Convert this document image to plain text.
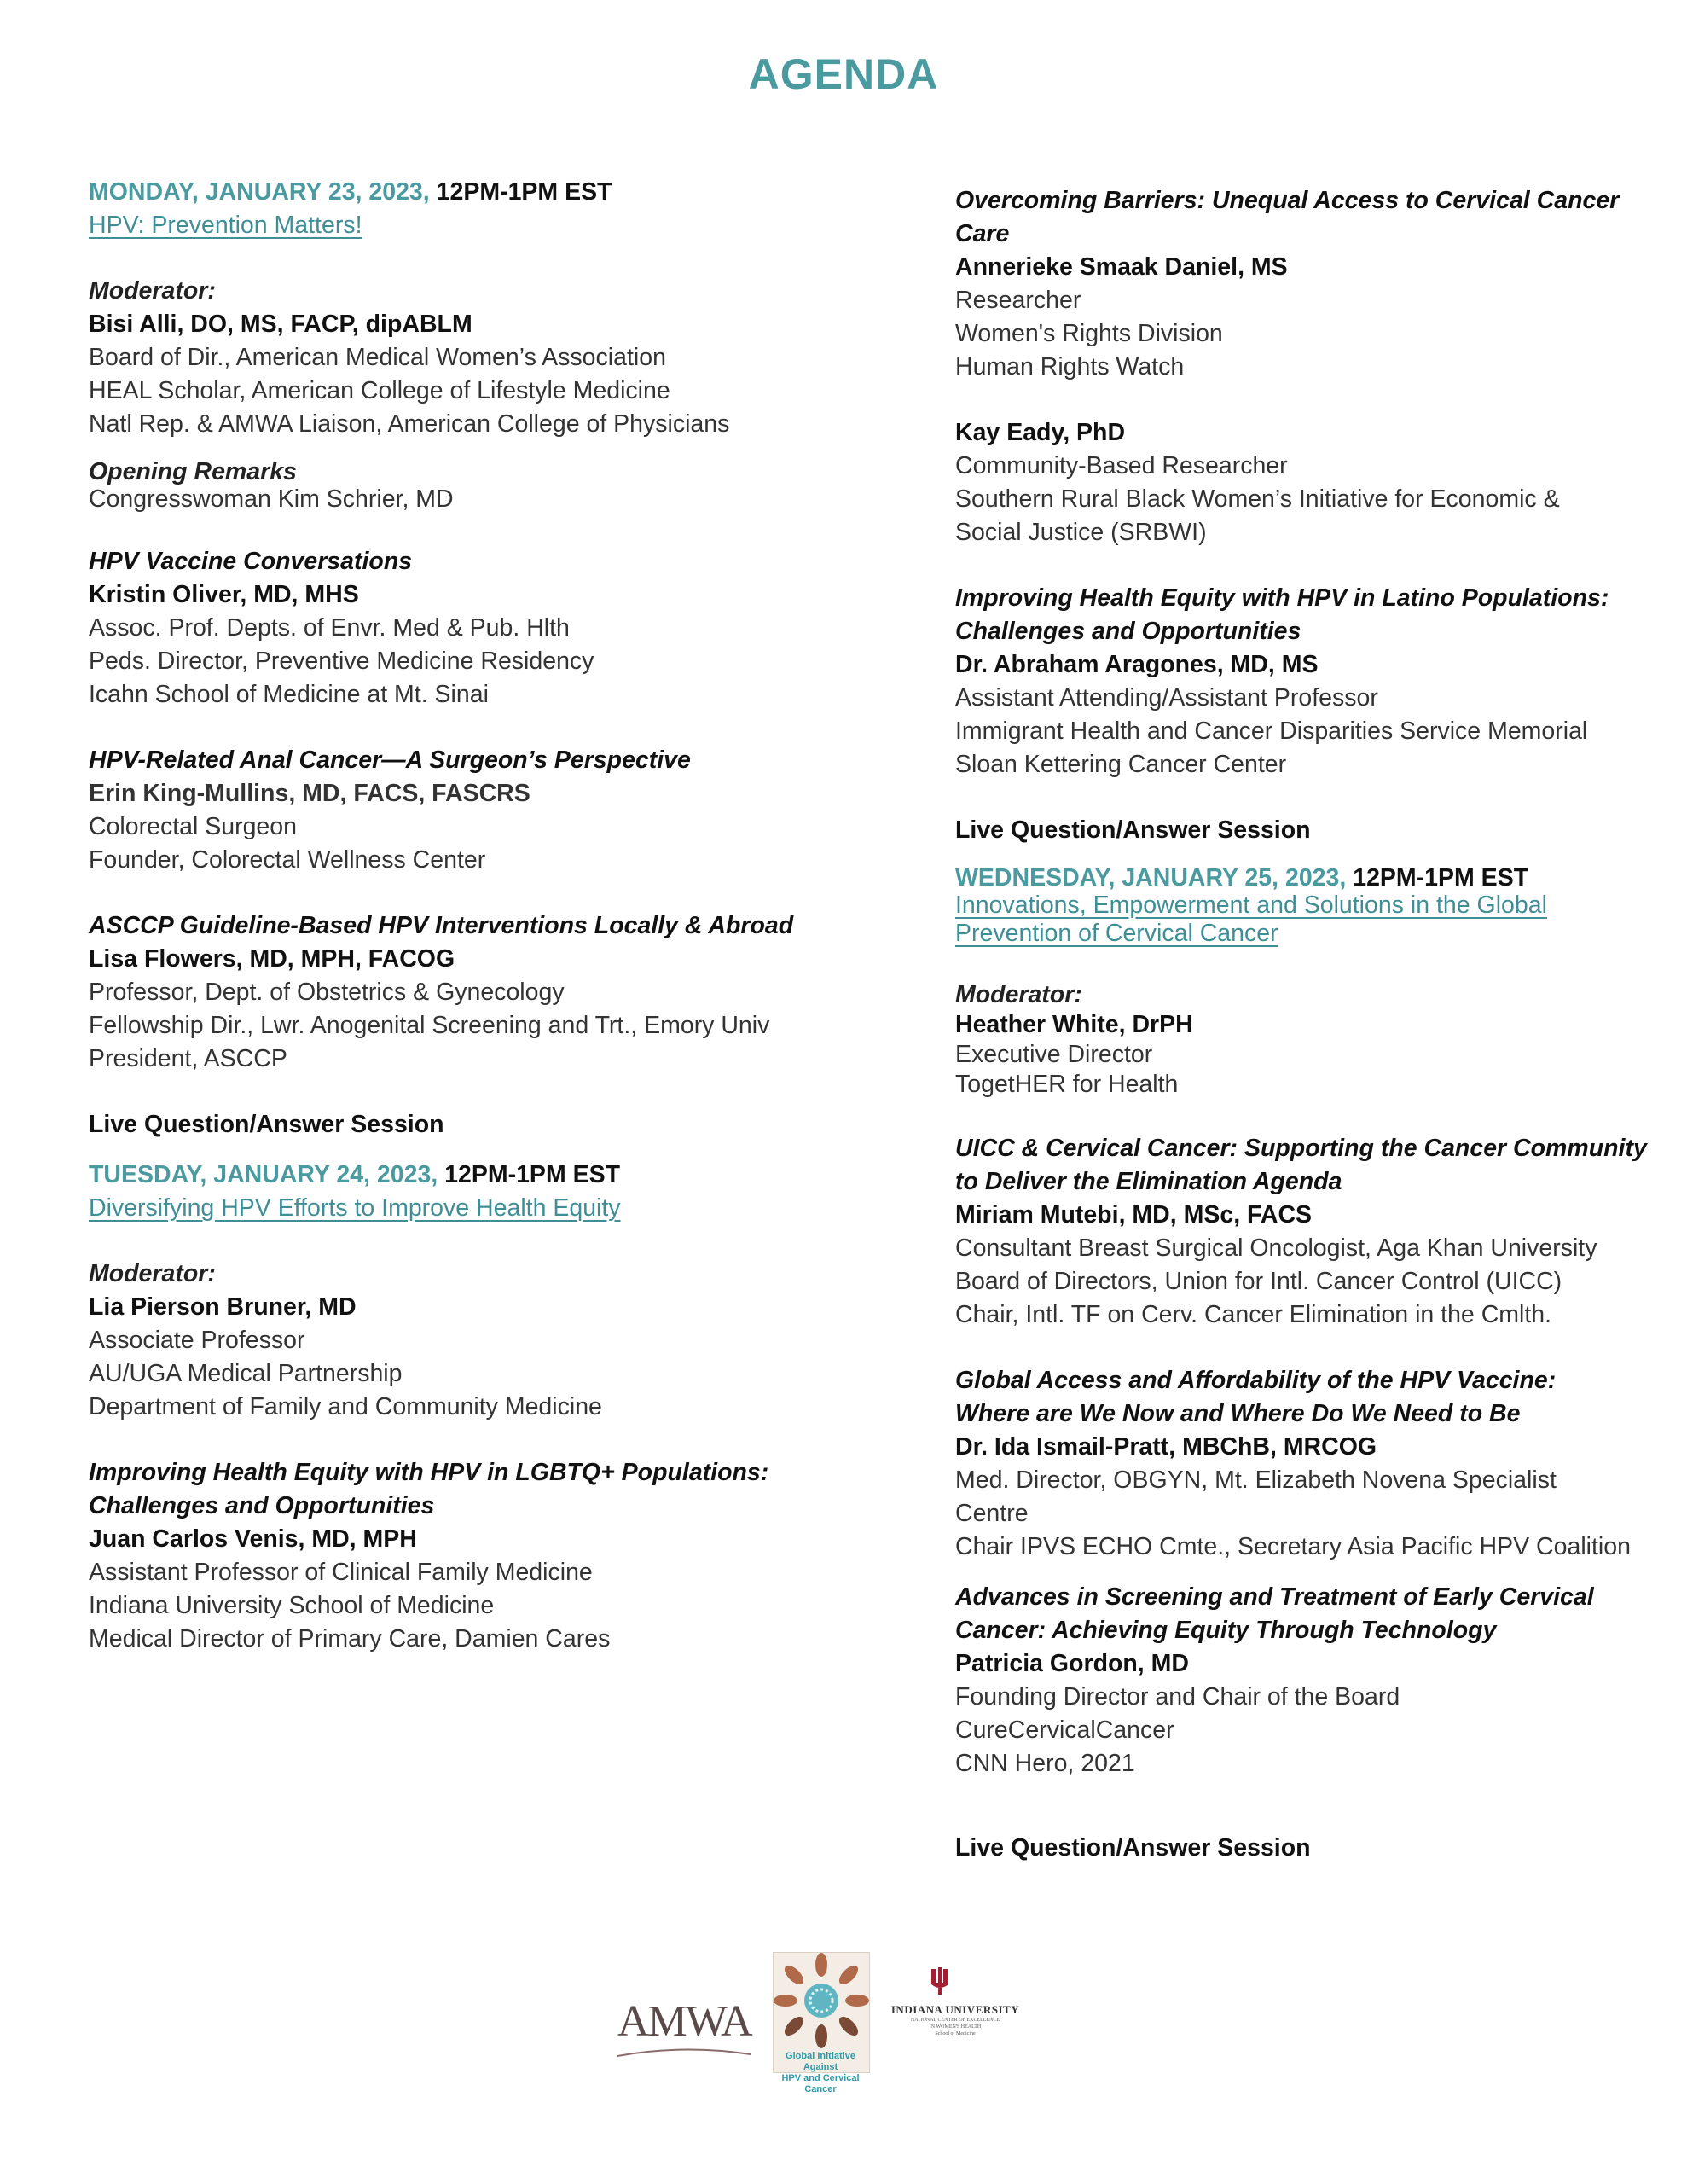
AGENDA
MONDAY, JANUARY 23, 2023, 12PM-1PM EST
HPV: Prevention Matters!
Moderator:
Bisi Alli, DO, MS, FACP, dipABLM
Board of Dir., American Medical Women’s Association
HEAL Scholar, American College of Lifestyle Medicine
Natl Rep. & AMWA Liaison, American College of Physicians
Opening Remarks
Congresswoman Kim Schrier, MD
HPV Vaccine Conversations
Kristin Oliver, MD, MHS
Assoc. Prof. Depts. of Envr. Med & Pub. Hlth
Peds. Director, Preventive Medicine Residency
Icahn School of Medicine at Mt. Sinai
HPV-Related Anal Cancer—A Surgeon’s Perspective
Erin King-Mullins, MD, FACS, FASCRS
Colorectal Surgeon
Founder, Colorectal Wellness Center
ASCCP Guideline-Based HPV Interventions Locally & Abroad
Lisa Flowers, MD, MPH, FACOG
Professor, Dept. of Obstetrics & Gynecology
Fellowship Dir., Lwr. Anogenital Screening and Trt., Emory Univ
President, ASCCP
Live Question/Answer Session
TUESDAY, JANUARY 24, 2023, 12PM-1PM EST
Diversifying HPV Efforts to Improve Health Equity
Moderator:
Lia Pierson Bruner, MD
Associate Professor
AU/UGA Medical Partnership
Department of Family and Community Medicine
Improving Health Equity with HPV in LGBTQ+ Populations:
Challenges and Opportunities
Juan Carlos Venis, MD, MPH
Assistant Professor of Clinical Family Medicine
Indiana University School of Medicine
Medical Director of Primary Care, Damien Cares
Overcoming Barriers: Unequal Access to Cervical Cancer
Care
Annerieke Smaak Daniel, MS
Researcher
Women's Rights Division
Human Rights Watch
Kay Eady, PhD
Community-Based Researcher
Southern Rural Black Women’s Initiative for Economic &
Social Justice (SRBWI)
Improving Health Equity with HPV in Latino Populations:
Challenges and Opportunities
Dr. Abraham Aragones, MD, MS
Assistant Attending/Assistant Professor
Immigrant Health and Cancer Disparities Service Memorial
Sloan Kettering Cancer Center
Live Question/Answer Session
WEDNESDAY, JANUARY 25, 2023, 12PM-1PM EST
Innovations, Empowerment and Solutions in the Global
Prevention of Cervical Cancer
Moderator:
Heather White, DrPH
Executive Director
TogetHER for Health
UICC & Cervical Cancer: Supporting the Cancer Community
to Deliver the Elimination Agenda
Miriam Mutebi, MD, MSc, FACS
Consultant Breast Surgical Oncologist, Aga Khan University
Board of Directors, Union for Intl. Cancer Control (UICC)
Chair, Intl. TF on Cerv. Cancer Elimination in the Cmlth.
Global Access and Affordability of the HPV Vaccine:
Where are We Now and Where Do We Need to Be
Dr. Ida Ismail-Pratt, MBChB, MRCOG
Med. Director, OBGYN, Mt. Elizabeth Novena Specialist
Centre
Chair IPVS ECHO Cmte., Secretary Asia Pacific HPV Coalition
Advances in Screening and Treatment of Early Cervical
Cancer: Achieving Equity Through Technology
Patricia Gordon, MD
Founding Director and Chair of the Board
CureCervicalCancer
CNN Hero, 2021
Live Question/Answer Session
AMWA
Global Initiative Against
HPV and Cervical Cancer
INDIANA UNIVERSITY
NATIONAL CENTER OF EXCELLENCE
IN WOMEN'S HEALTH
School of Medicine
